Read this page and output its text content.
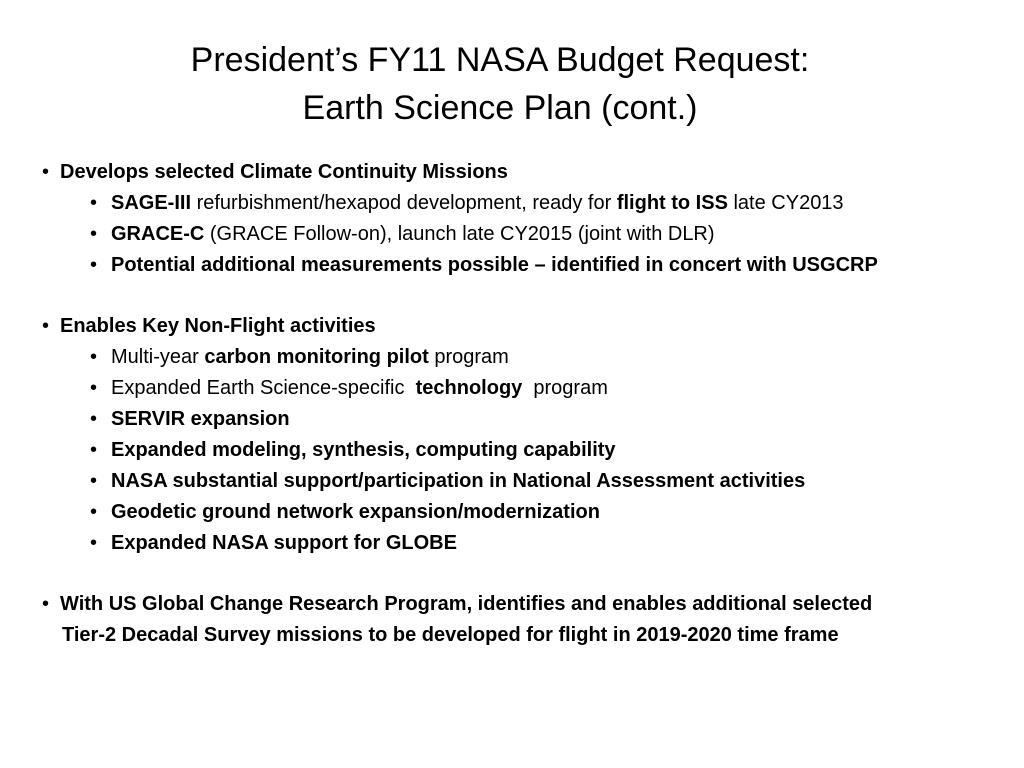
President’s FY11 NASA Budget Request:
Earth Science Plan (cont.)
• Develops selected Climate Continuity Missions
• SAGE-III refurbishment/hexapod development, ready for flight to ISS late CY2013
• GRACE-C (GRACE Follow-on), launch late CY2015 (joint with DLR)
• Potential additional measurements possible – identified in concert with USGCRP
• Enables Key Non-Flight activities
• Multi-year carbon monitoring pilot program
• Expanded Earth Science-specific  technology  program
• SERVIR expansion
• Expanded modeling, synthesis, computing capability
• NASA substantial support/participation in National Assessment activities
• Geodetic ground network expansion/modernization
• Expanded NASA support for GLOBE
• With US Global Change Research Program, identifies and enables additional selected
Tier-2 Decadal Survey missions to be developed for flight in 2019-2020 time frame
